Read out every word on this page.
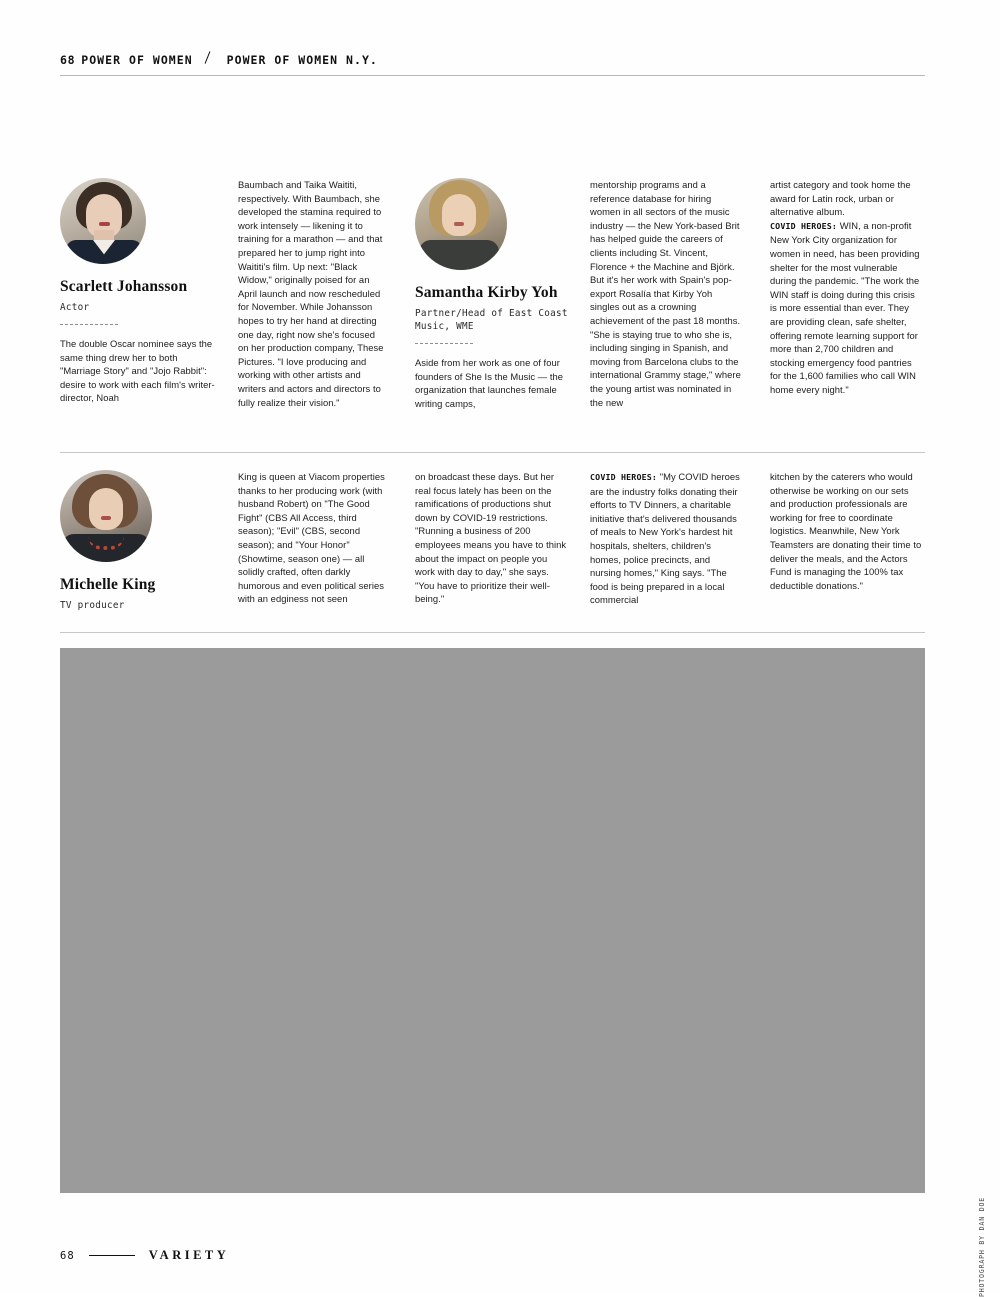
68 POWER OF WOMEN	POWER OF WOMEN N.Y.
Scarlett Johansson
Actor

The double Oscar nominee says the same thing drew her to both "Marriage Story" and "Jojo Rabbit": desire to work with each film's writer-director, Noah

Baumbach and Taika Waititi, respectively. With Baumbach, she developed the stamina required to work intensely — likening it to training for a marathon — and that prepared her to jump right into Waititi's film. Up next: "Black Widow," originally poised for an April launch and now rescheduled for November. While Johansson hopes to try her hand at directing one day, right now she's focused on her production company, These Pictures. "I love producing and working with other artists and writers and actors and directors to fully realize their vision."

Samantha Kirby Yoh
Partner/Head of East Coast Music, WME

Aside from her work as one of four founders of She Is the Music — the organization that launches female writing camps,

mentorship programs and a reference database for hiring women in all sectors of the music industry — the New York-based Brit has helped guide the careers of clients including St. Vincent, Florence + the Machine and Björk. But it's her work with Spain's pop-export Rosalía that Kirby Yoh singles out as a crowning achievement of the past 18 months. "She is staying true to who she is, including singing in Spanish, and moving from Barcelona clubs to the international Grammy stage," where the young artist was nominated in the new

artist category and took home the award for Latin rock, urban or alternative album.

COVID HEROES: WIN, a non-profit New York City organization for women in need, has been providing shelter for the most vulnerable during the pandemic. "The work the WIN staff is doing during this crisis is more essential than ever. They are providing clean, safe shelter, offering remote learning support for more than 2,700 children and stocking emergency food pantries for the 1,600 families who call WIN home every night."

Michelle King
TV producer

King is queen at Viacom properties thanks to her producing work (with husband Robert) on "The Good Fight" (CBS All Access, third season); "Evil" (CBS, second season); and "Your Honor" (Showtime, season one) — all solidly crafted, often darkly humorous and even political series with an edginess not seen

on broadcast these days. But her real focus lately has been on the ramifications of productions shut down by COVID-19 restrictions. "Running a business of 200 employees means you have to think about the impact on people you work with day to day," she says. "You have to prioritize their well-being."

COVID HEROES: "My COVID heroes are the industry folks donating their efforts to TV Dinners, a charitable initiative that's delivered thousands of meals to New York's hardest hit hospitals, shelters, children's homes, police precincts, and nursing homes," King says. "The food is being prepared in a local commercial

kitchen by the caterers who would otherwise be working on our sets and production professionals are working for free to coordinate logistics. Meanwhile, New York Teamsters are donating their time to deliver the meals, and the Actors Fund is managing the 100% tax deductible donations."

PHOTOGRAPH BY DAN DOE
68	VARIETY
